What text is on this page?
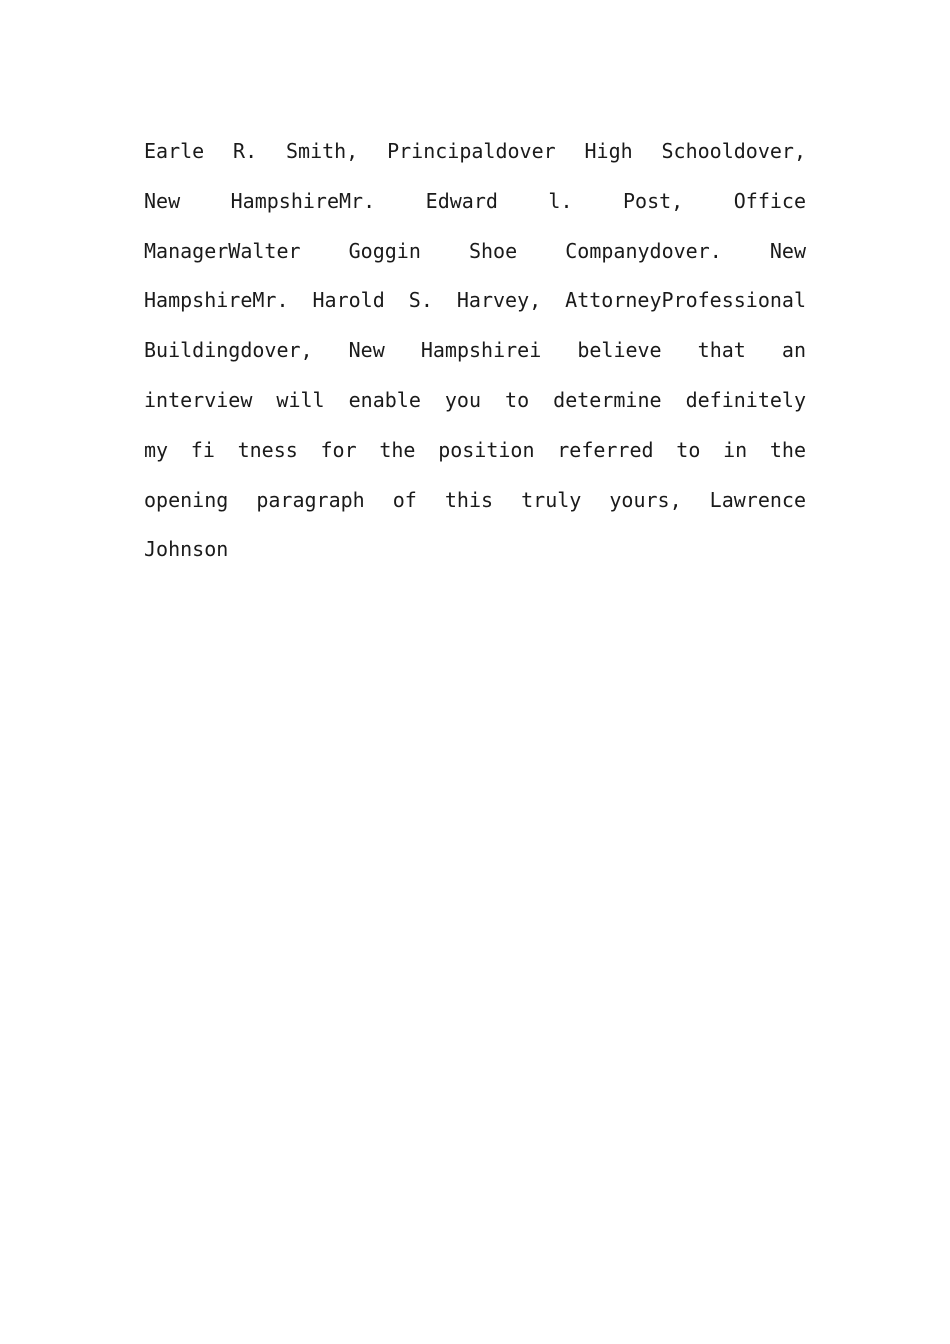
Earle R. Smith, Principaldover High Schooldover,
New HampshireMr. Edward l. Post, Office
ManagerWalter Goggin Shoe Companydover. New
HampshireMr. Harold S. Harvey, AttorneyProfessional
Buildingdover, New Hampshirei believe that an
interview will enable you to determine definitely
my fi tness for the position referred to in the
opening paragraph of this truly yours, Lawrence
Johnson
